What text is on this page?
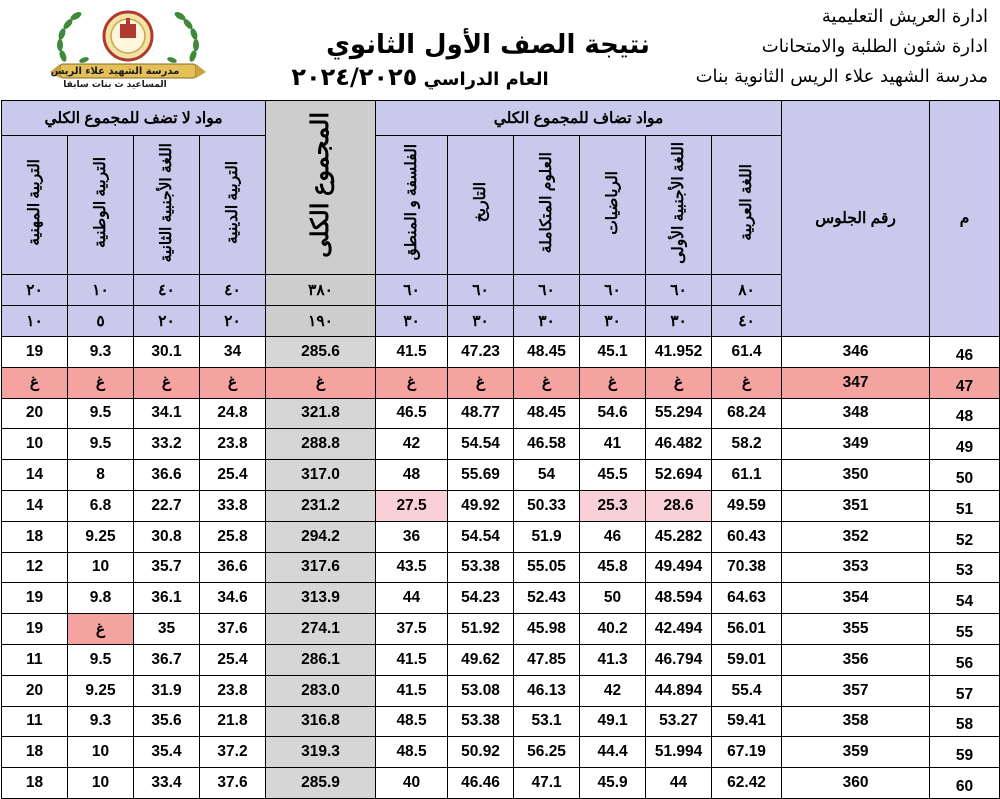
ادارة العريش التعليمية
ادارة شئون الطلبة والامتحانات
مدرسة الشهيد علاء الريس الثانوية بنات
نتيجة الصف الأول الثانوي
العام الدراسي ٢٠٢٤/٢٠٢٥
مدرسة الشهيد علاء الريس
المساعيد ث بنات سابقا
م	رقم الجلوس	مواد تضاف للمجموع الكلي						المجموع الكلى	مواد لا تضف للمجموع الكلي			
		اللغة العربية	اللغة الأجنبية الأولى	الرياضيات	العلوم المتكاملة	التاريخ	الفلسفة و المنطق		التربية الدينية	اللغة الأجنبية الثانية	التربية الوطنية	التربية المهنية
		٨٠	٦٠	٦٠	٦٠	٦٠	٦٠	٣٨٠	٤٠	٤٠	١٠	٢٠
		٤٠	٣٠	٣٠	٣٠	٣٠	٣٠	١٩٠	٢٠	٢٠	٥	١٠
46	346	61.4	41.952	45.1	48.45	47.23	41.5	285.6	34	30.1	9.3	19
47	347	غ	غ	غ	غ	غ	غ	غ	غ	غ	غ	غ
48	348	68.24	55.294	54.6	48.45	48.77	46.5	321.8	24.8	34.1	9.5	20
49	349	58.2	46.482	41	46.58	54.54	42	288.8	23.8	33.2	9.5	10
50	350	61.1	52.694	45.5	54	55.69	48	317.0	25.4	36.6	8	14
51	351	49.59	28.6	25.3	50.33	49.92	27.5	231.2	33.8	22.7	6.8	14
52	352	60.43	45.282	46	51.9	54.54	36	294.2	25.8	30.8	9.25	18
53	353	70.38	49.494	45.8	55.05	53.38	43.5	317.6	36.6	35.7	10	12
54	354	64.63	48.594	50	52.43	54.23	44	313.9	34.6	36.1	9.8	19
55	355	56.01	42.494	40.2	45.98	51.92	37.5	274.1	37.6	35	غ	19
56	356	59.01	46.794	41.3	47.85	49.62	41.5	286.1	25.4	36.7	9.5	11
57	357	55.4	44.894	42	46.13	53.08	41.5	283.0	23.8	31.9	9.25	20
58	358	59.41	53.27	49.1	53.1	53.38	48.5	316.8	21.8	35.6	9.3	11
59	359	67.19	51.994	44.4	56.25	50.92	48.5	319.3	37.2	35.4	10	18
60	360	62.42	44	45.9	47.1	46.46	40	285.9	37.6	33.4	10	18
